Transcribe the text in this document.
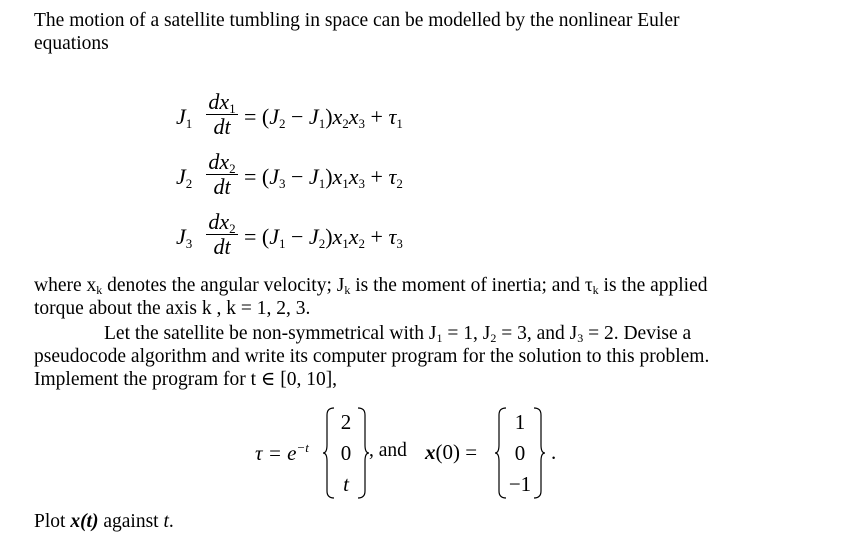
The motion of a satellite tumbling in space can be modelled by the nonlinear Euler
equations

$J_1$
$dx_1$
dt = $(J_2 - J_1)x_2x_3 + \tau_1$
$J_2$
$dx_2$
dt = $(J_3 - J_1)x_1x_3 + \tau_2$
$J_3$
$dx_2$
dt = $(J_1 - J_2)x_1x_2 + \tau_3$

where $x_k$ denotes the angular velocity; $J_k$ is the moment of inertia; and $\tau_k$ is the applied
torque about the axis k , k = 1, 2, 3.

Let the satellite be non-symmetrical with $J_1 = 1$, $J_2 = 3$, and $J_3 = 2$. Devise a
pseudocode algorithm and write its computer program for the solution to this problem.
Implement the program for t ∈ [0, 10],

$\tau = e^{-t}$
2
0
t
, and x(0) =
1
0
−1
.
Plot x(t) against t.
